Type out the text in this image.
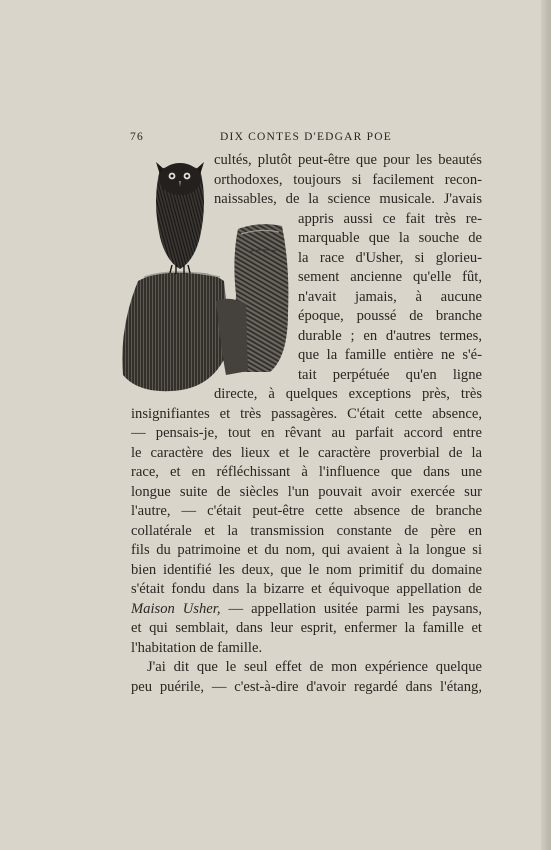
76	DIX CONTES D'EDGAR POE
cultés, plutôt peut-être que pour les beautés
orthodoxes, toujours si facilement recon-
naissables, de la science musicale. J'avais
appris aussi ce fait très re-
marquable que la souche de
la race d'Usher, si glorieu-
sement ancienne qu'elle fût,
n'avait jamais, à aucune
époque, poussé de branche
durable ; en d'autres termes,
que la famille entière ne s'é-
tait perpétuée qu'en ligne
directe, à quelques exceptions près, très
insignifiantes et très passagères. C'était cette absence,
— pensais-je, tout en rêvant au parfait accord entre
le caractère des lieux et le caractère proverbial de la
race, et en réfléchissant à l'influence que dans une
longue suite de siècles l'un pouvait avoir exercée sur
l'autre, — c'était peut-être cette absence de branche
collatérale et la transmission constante de père en
fils du patrimoine et du nom, qui avaient à la longue si
bien identifié les deux, que le nom primitif du domaine
s'était fondu dans la bizarre et équivoque appellation de
Maison Usher, — appellation usitée parmi les paysans,
et qui semblait, dans leur esprit, enfermer la famille et
l'habitation de famille.
J'ai dit que le seul effet de mon expérience quelque
peu puérile, — c'est-à-dire d'avoir regardé dans l'étang,
